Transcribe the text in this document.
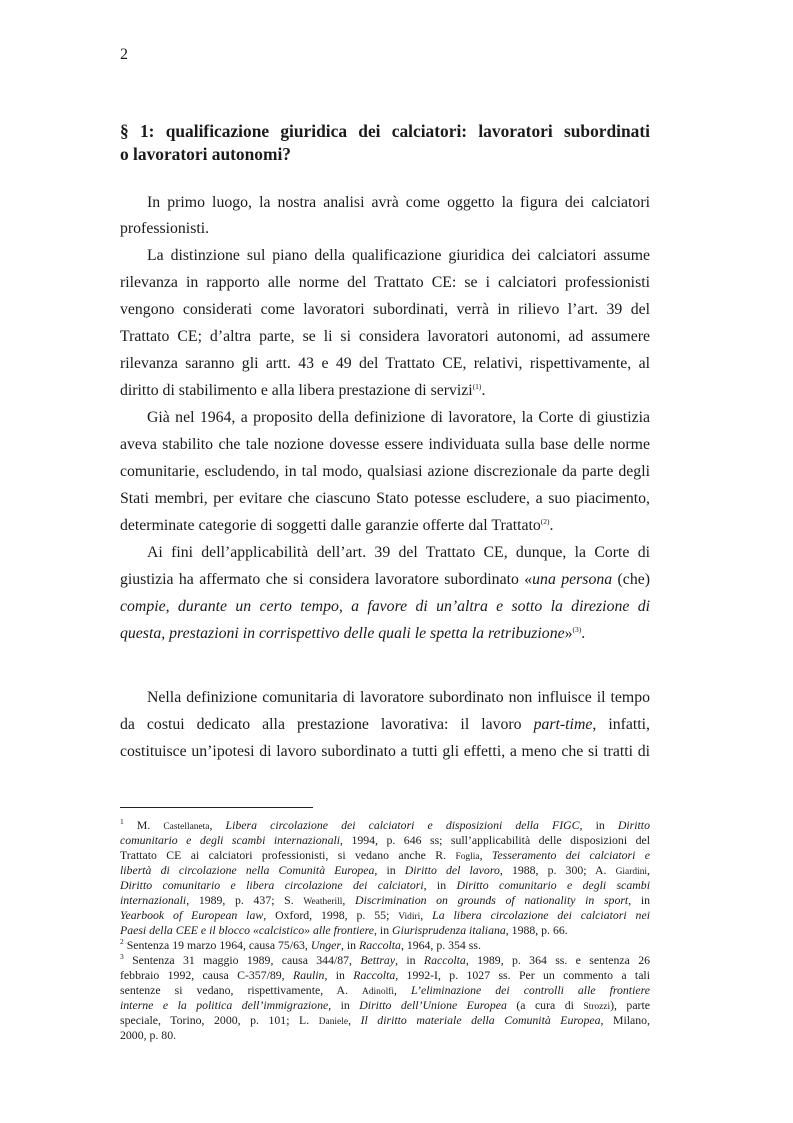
2
§ 1: qualificazione giuridica dei calciatori: lavoratori subordinati
o lavoratori autonomi?
In primo luogo, la nostra analisi avrà come oggetto la figura dei calciatori
professionisti.
La distinzione sul piano della qualificazione giuridica dei calciatori assume
rilevanza in rapporto alle norme del Trattato CE: se i calciatori professionisti
vengono considerati come lavoratori subordinati, verrà in rilievo l’art. 39 del
Trattato CE; d’altra parte, se li si considera lavoratori autonomi, ad assumere
rilevanza saranno gli artt. 43 e 49 del Trattato CE, relativi, rispettivamente, al
diritto di stabilimento e alla libera prestazione di servizi$^{(1)}$.
Già nel 1964, a proposito della definizione di lavoratore, la Corte di giustizia
aveva stabilito che tale nozione dovesse essere individuata sulla base delle norme
comunitarie, escludendo, in tal modo, qualsiasi azione discrezionale da parte degli
Stati membri, per evitare che ciascuno Stato potesse escludere, a suo piacimento,
determinate categorie di soggetti dalle garanzie offerte dal Trattato$^{(2)}$.
Ai fini dell’applicabilità dell’art. 39 del Trattato CE, dunque, la Corte di
giustizia ha affermato che si considera lavoratore subordinato «una persona (che)
compie, durante un certo tempo, a favore di un’altra e sotto la direzione di
questa, prestazioni in corrispettivo delle quali le spetta la retribuzione»$^{(3)}$.
Nella definizione comunitaria di lavoratore subordinato non influisce il tempo
da costui dedicato alla prestazione lavorativa: il lavoro part-time, infatti,
costituisce un’ipotesi di lavoro subordinato a tutti gli effetti, a meno che si tratti di
$^1$ M. Castellaneta, Libera circolazione dei calciatori e disposizioni della FIGC, in Diritto
comunitario e degli scambi internazionali, 1994, p. 646 ss; sull’applicabilità delle disposizioni del
Trattato CE ai calciatori professionisti, si vedano anche R. Foglia, Tesseramento dei calciatori e
libertà di circolazione nella Comunità Europea, in Diritto del lavoro, 1988, p. 300; A. Giardini,
Diritto comunitario e libera circolazione dei calciatori, in Diritto comunitario e degli scambi
internazionali, 1989, p. 437; S. Weatherill, Discrimination on grounds of nationality in sport, in
Yearbook of European law, Oxford, 1998, p. 55; Vidiri, La libera circolazione dei calciatori nei
Paesi della CEE e il blocco «calcistico» alle frontiere, in Giurisprudenza italiana, 1988, p. 66.
$^2$ Sentenza 19 marzo 1964, causa 75/63, Unger, in Raccolta, 1964, p. 354 ss.
$^3$ Sentenza 31 maggio 1989, causa 344/87, Bettray, in Raccolta, 1989, p. 364 ss. e sentenza 26
febbraio 1992, causa C-357/89, Raulin, in Raccolta, 1992-I, p. 1027 ss. Per un commento a tali
sentenze si vedano, rispettivamente, A. Adinolfi, L’eliminazione dei controlli alle frontiere
interne e la politica dell’immigrazione, in Diritto dell’Unione Europea (a cura di Strozzi), parte
speciale, Torino, 2000, p. 101; L. Daniele, Il diritto materiale della Comunità Europea, Milano,
2000, p. 80.
